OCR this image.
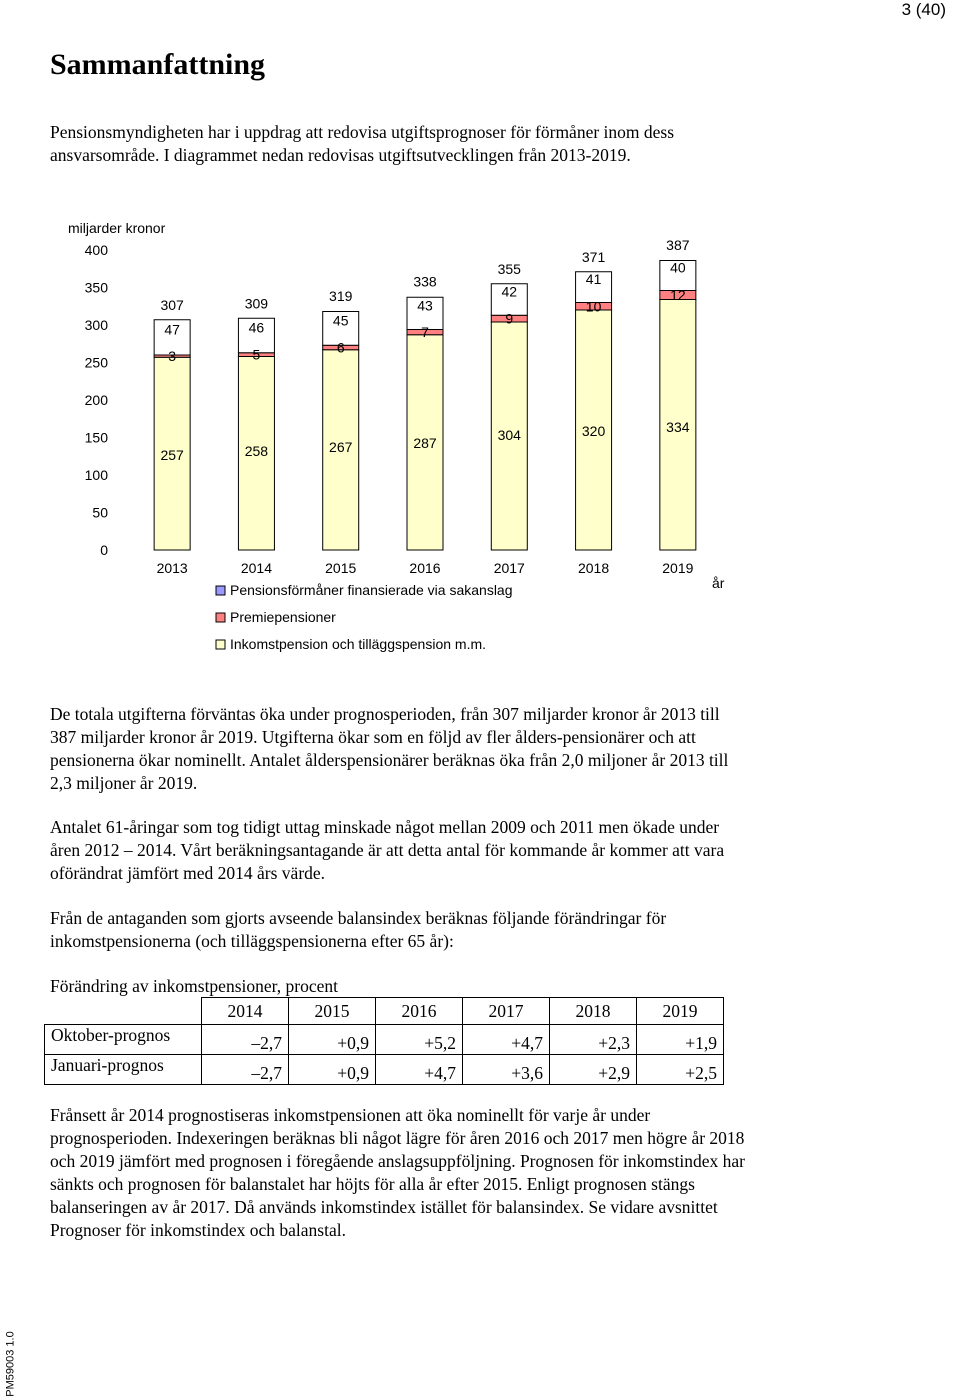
3 (40)
Sammanfattning

Pensionsmyndigheten har i uppdrag att redovisa utgiftsprognoser för förmåner inom dess ansvarsområde. I diagrammet nedan redovisas utgiftsutvecklingen från 2013-2019.

miljarder kronor
0
50
100
150
200
250
300
350
400
257
3
47
307
2013
258
5
46
309
2014
267
6
45
319
2015
287
7
43
338
2016
304
9
42
355
2017
320
10
41
371
2018
334
12
40
387
2019
år
Pensionsförmåner finansierade via sakanslag
Premiepensioner
Inkomstpension och tilläggspension m.m.

De totala utgifterna förväntas öka under prognosperioden, från 307 miljarder kronor år 2013 till 387 miljarder kronor år 2019. Utgifterna ökar som en följd av fler ålders-pensionärer och att pensionerna ökar nominellt. Antalet ålderspensionärer beräknas öka från 2,0 miljoner år 2013 till 2,3 miljoner år 2019.

Antalet 61-åringar som tog tidigt uttag minskade något mellan 2009 och 2011 men ökade under åren 2012 – 2014. Vårt beräkningsantagande är att detta antal för kommande år kommer att vara oförändrat jämfört med 2014 års värde.

Från de antaganden som gjorts avseende balansindex beräknas följande förändringar för inkomstpensionerna (och tilläggspensionerna efter 65 år):

Förändring av inkomstpensioner, procent

	2014	2015	2016	2017	2018	2019
Oktober-prognos	–2,7	+0,9	+5,2	+4,7	+2,3	+1,9
Januari-prognos	–2,7	+0,9	+4,7	+3,6	+2,9	+2,5

Frånsett år 2014 prognostiseras inkomstpensionen att öka nominellt för varje år under prognosperioden. Indexeringen beräknas bli något lägre för åren 2016 och 2017 men högre år 2018 och 2019 jämfört med prognosen i föregående anslagsuppföljning. Prognosen för inkomstindex har sänkts och prognosen för balanstalet har höjts för alla år efter 2015. Enligt prognosen stängs balanseringen av år 2017. Då används inkomstindex istället för balansindex. Se vidare avsnittet Prognoser för inkomstindex och balanstal.

PM59003 1.0
